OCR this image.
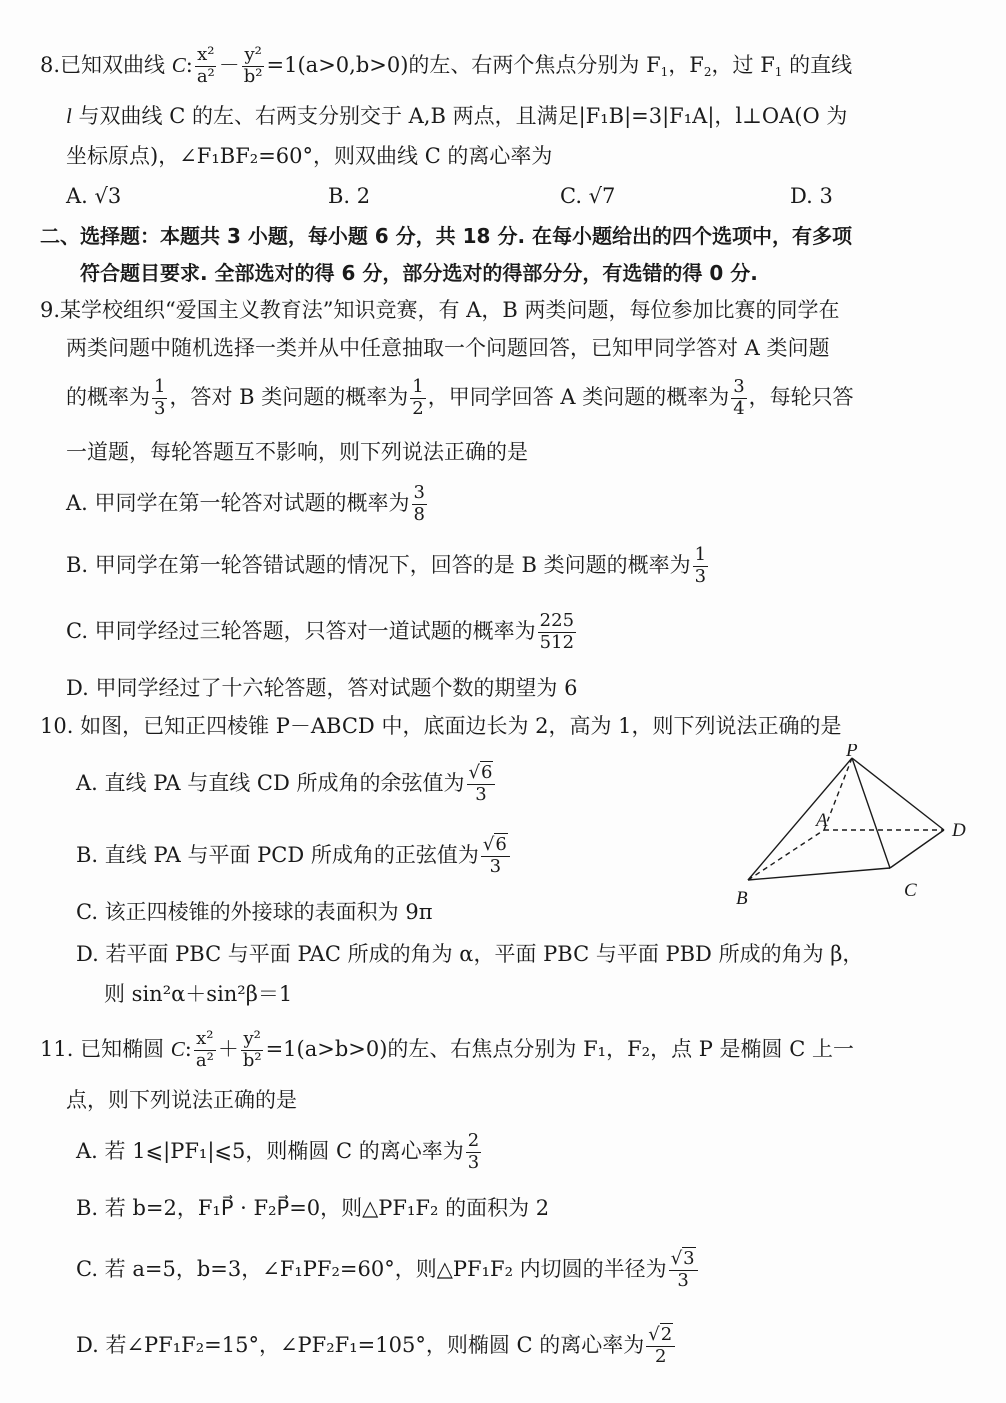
8.已知双曲线 C: $\frac{\text{x²}}{\text{a²}} - \frac{\text{y²}}{\text{b²}} =1(a>0,b>0)$的左、右两个焦点分别为 $F_1$，$F_2$，过 $F_1$ 的直线
l 与双曲线 C 的左、右两支分别交于 A,B 两点，且满足|F₁B|=3|F₁A|，l⊥OA(O 为
坐标原点)，∠F₁BF₂=60°，则双曲线 C 的离心率为
A. √3	B. 2	C. √7	D. 3
二、选择题：本题共 3 小题，每小题 6 分，共 18 分. 在每小题给出的四个选项中，有多项
符合题目要求. 全部选对的得 6 分，部分选对的得部分分，有选错的得 0 分.
9.某学校组织“爱国主义教育法”知识竞赛，有 A，B 两类问题，每位参加比赛的同学在
两类问题中随机选择一类并从中任意抽取一个问题回答，已知甲同学答对 A 类问题
的概率为 $\frac{1}{3}$ ，答对 B 类问题的概率为 $\frac{1}{2}$ ，甲同学回答 A 类问题的概率为 $\frac{3}{4}$ ，每轮只答
一道题，每轮答题互不影响，则下列说法正确的是
A. 甲同学在第一轮答对试题的概率为 $\frac{3}{8}$
B. 甲同学在第一轮答错试题的情况下，回答的是 B 类问题的概率为 $\frac{1}{3}$
C. 甲同学经过三轮答题，只答对一道试题的概率为 $\frac{225}{512}$
D. 甲同学经过了十六轮答题，答对试题个数的期望为 6
10. 如图，已知正四棱锥 P－ABCD 中，底面边长为 2，高为 1，则下列说法正确的是
A. 直线 PA 与直线 CD 所成角的余弦值为 $\frac{√6}{3}$
B. 直线 PA 与平面 PCD 所成角的正弦值为 $\frac{√6}{3}$
C. 该正四棱锥的外接球的表面积为 9π
D. 若平面 PBC 与平面 PAC 所成的角为 α，平面 PBC 与平面 PBD 所成的角为 β，
则 sin²α＋sin²β＝1
P
A
B	C
D
11. 已知椭圆 C: $\frac{\text{x²}}{\text{a²}} + \frac{\text{y²}}{\text{b²}} =1(a>b>0)$的左、右焦点分别为 F₁，F₂，点 P 是椭圆 C 上一
点，则下列说法正确的是
A. 若 1⩽|PF₁|⩽5，则椭圆 C 的离心率为 $\frac{2}{3}$
B. 若 b=2，F₁P⃗ · F₂P⃗=0，则△PF₁F₂ 的面积为 2
C. 若 a=5，b=3，∠F₁PF₂=60°，则△PF₁F₂ 内切圆的半径为 $\frac{√3}{3}$
D. 若∠PF₁F₂=15°，∠PF₂F₁=105°，则椭圆 C 的离心率为 $\frac{√2}{2}$
